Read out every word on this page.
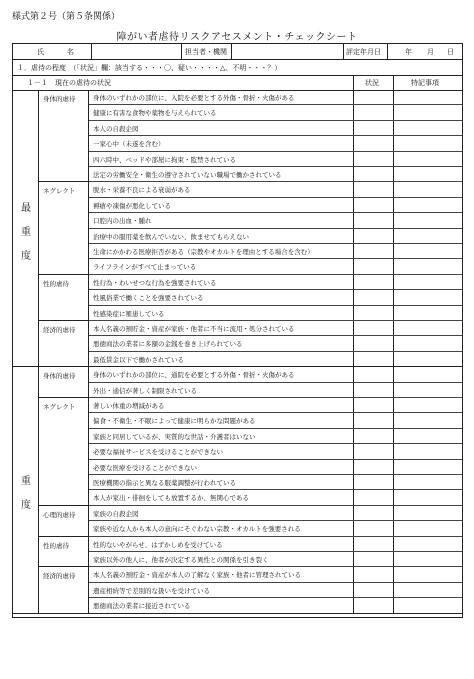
様式第２号（第５条関係）
障がい者虐待リスクアセスメント・チェックシート
氏	名	担当者・機関	評定年月日	年 月 日
１．虐待の程度　（「状況」欄：該当する・・・〇、疑い・・・・△、不明・・・？）
１－１　現在の虐待の状況	状況	特記事項
最
重
度
身体的虐待	身体のいずれかの部位に、入院を必要とする外傷・骨折・火傷がある
健康に有害な食物や薬物を与えられている
本人の自殺企図
一家心中（未遂を含む）
四六時中、ベッドや部屋に拘束・監禁されている
法定の労働安全・衛生の遵守されていない職場で働かされている
ネグレクト	脱水・栄養不良による衰弱がある
褥瘡や凍傷が悪化している
口腔内の出血・腫れ
治療中の服用薬を飲んでいない、飲ませてもらえない
生命にかかわる医療拒否がある（宗教やオカルトを理由とする場合を含む）
ライフラインがすべて止まっている
性的虐待	性行為・わいせつな行為を強要されている
性風俗業で働くことを強要されている
性感染症に罹患している
経済的虐待	本人名義の預貯金・資産が家族・他者に不当に流用・処分されている
悪徳商法の業者に多額の金銭を巻き上げられている
最低賃金以下で働かされている
重
度
身体的虐待	身体のいずれかの部位に、通院を必要とする外傷・骨折・火傷がある
外出・通信が著しく制限されている
ネグレクト	著しい体重の増減がある
偏食・不衛生・不眠によって健康に明らかな問題がある
家族と同居しているが、実質的な世話・介護者はいない
必要な福祉サービスを受けることができない
必要な医療を受けることができない
医療機関の指示と異なる服薬調整が行われている
本人が家出・徘徊をしても放置するか、無関心である
心理的虐待	家族の自殺企図
家族や近な人から本人の意向にそぐわない宗教・オカルトを強要される
性的虐待	性的ないやがらせ、はずかしめを受けている
家族以外の他人に、他者が決定する異性との関係を引き裂く
経済的虐待	本人名義の預貯金・資産が本人の了解なく家族・他者に管理されている
遺産相続等で差別的な扱いを受けている
悪徳商法の業者に接近されている
